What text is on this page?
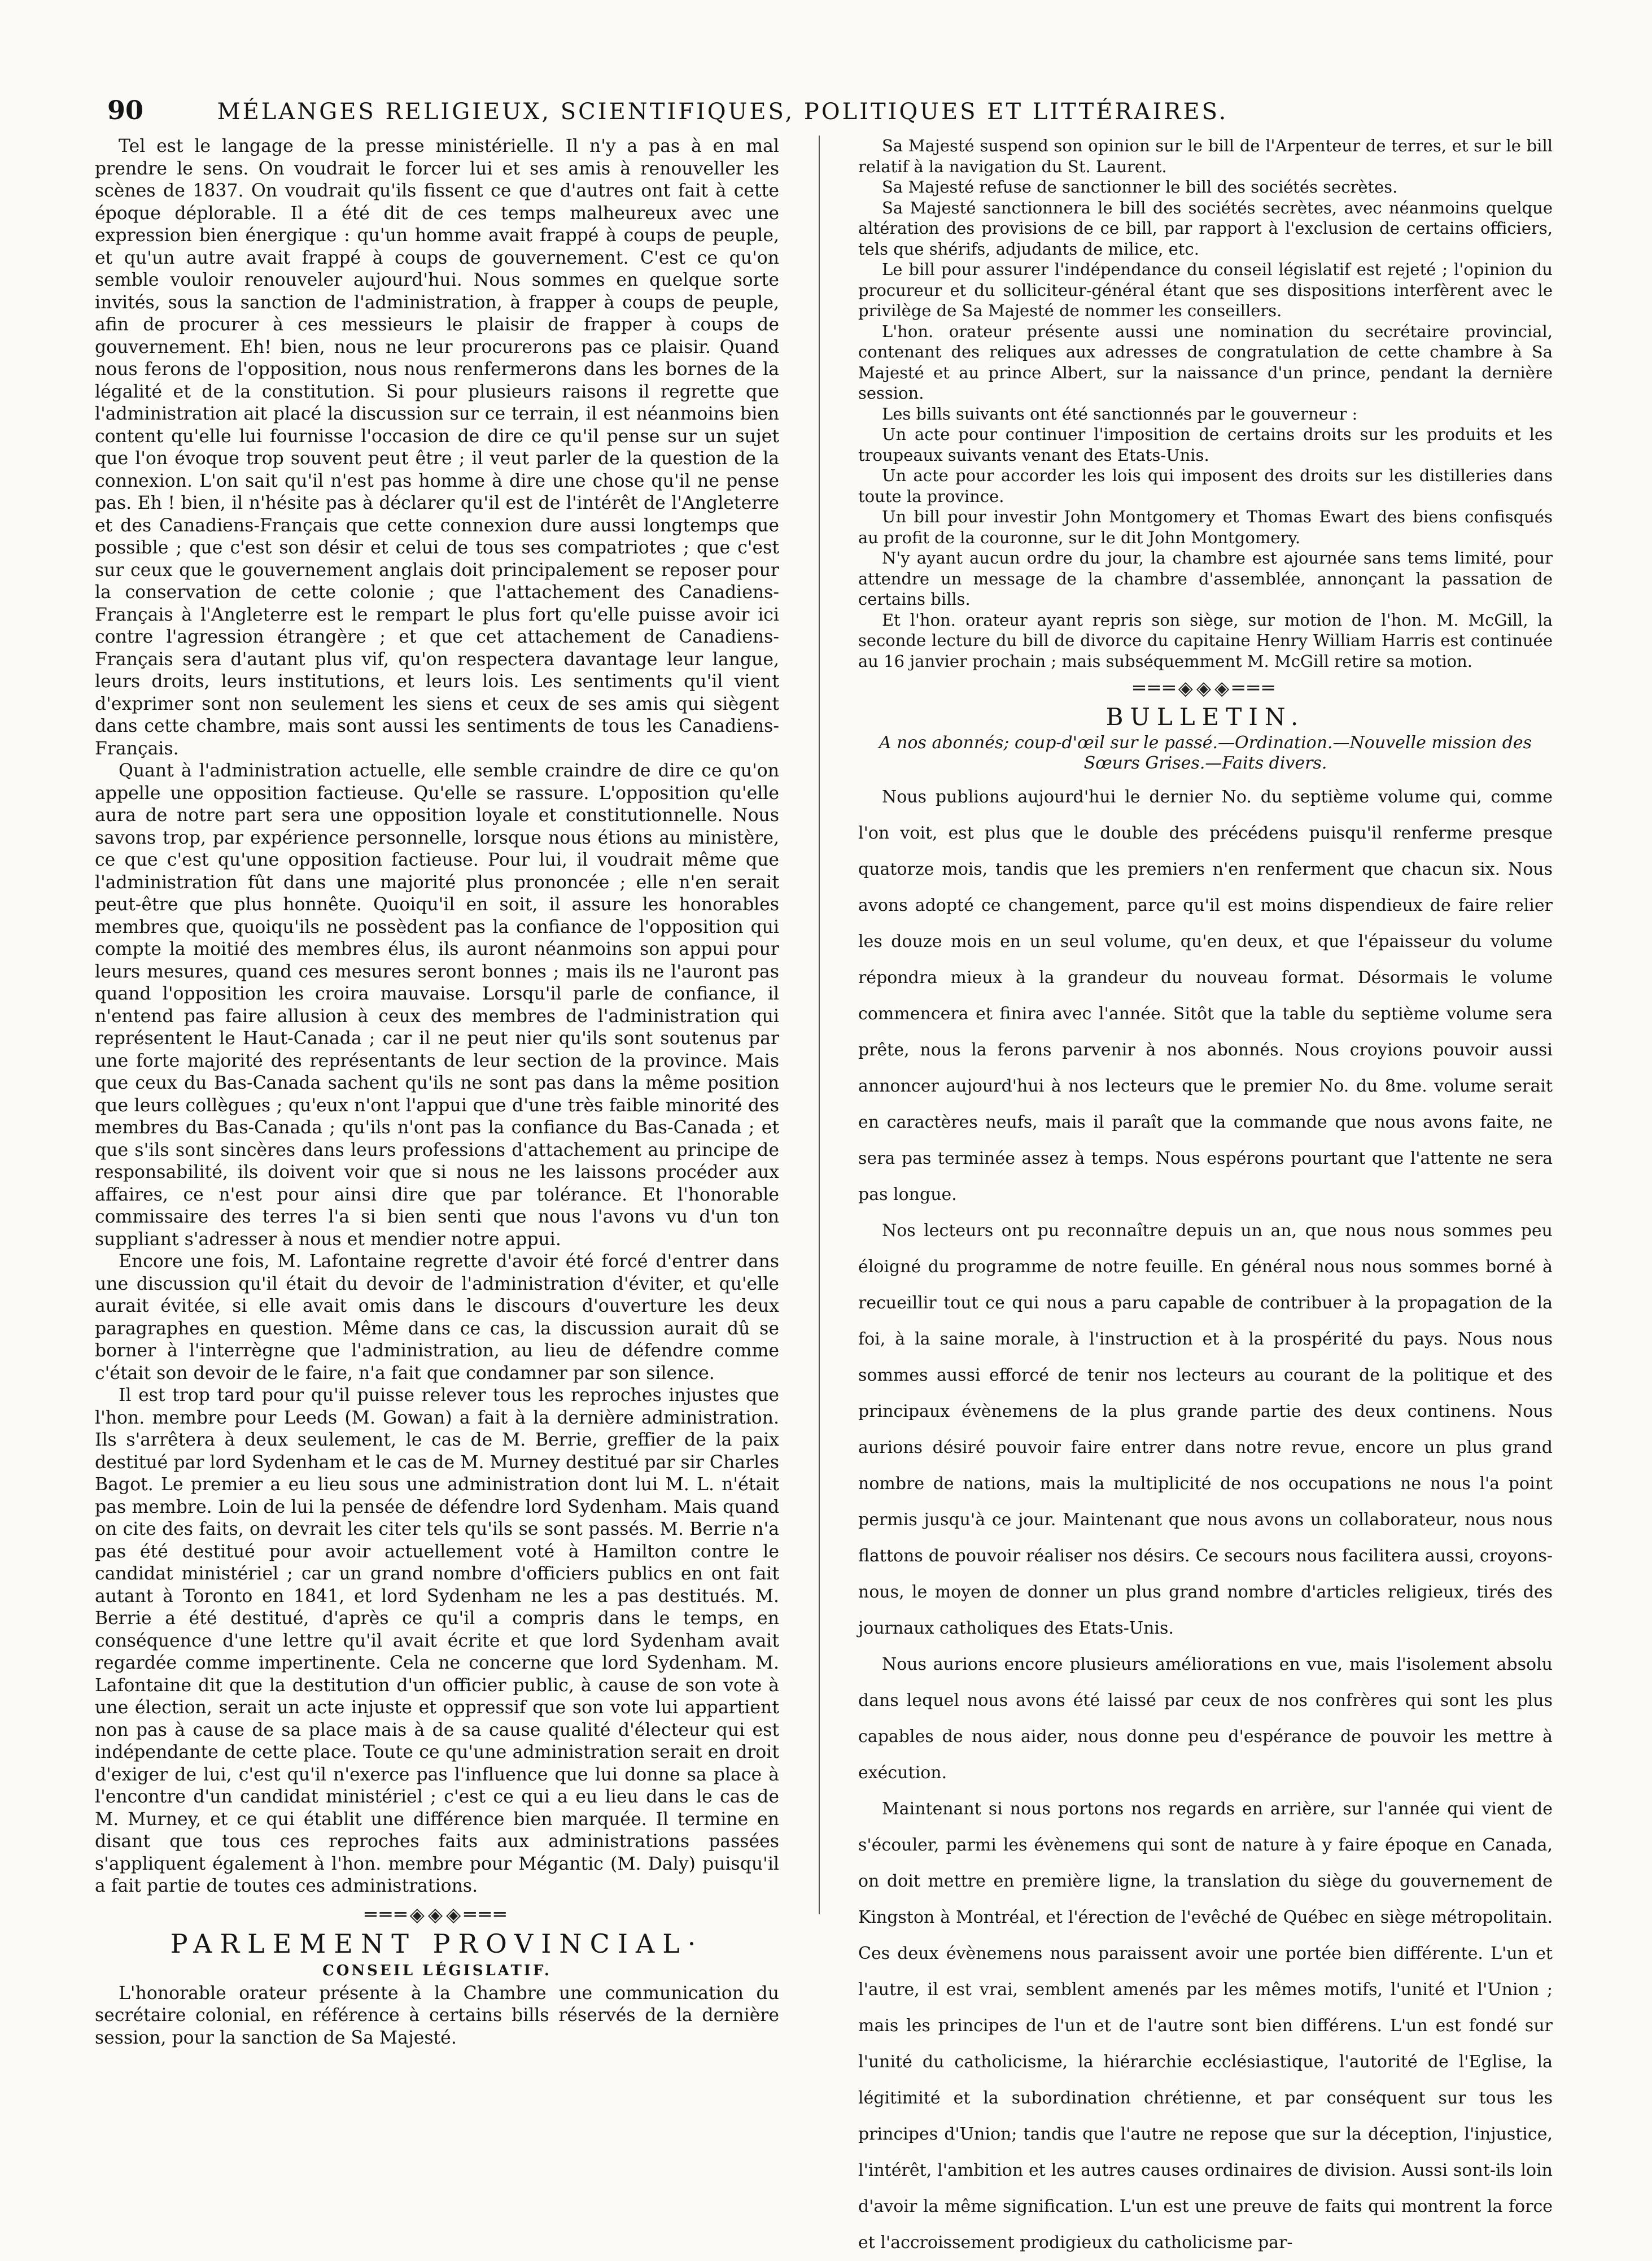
90	MÉLANGES RELIGIEUX, SCIENTIFIQUES, POLITIQUES ET LITTÉRAIRES.

Tel est le langage de la presse ministérielle. Il n'y a pas à en mal prendre le sens. On voudrait le forcer lui et ses amis à renouveller les scènes de 1837. On voudrait qu'ils fissent ce que d'autres ont fait à cette époque déplorable. Il a été dit de ces temps malheureux avec une expression bien énergique : qu'un homme avait frappé à coups de peuple, et qu'un autre avait frappé à coups de gouvernement. C'est ce qu'on semble vouloir renouveler aujourd'hui. Nous sommes en quelque sorte invités, sous la sanction de l'administration, à frapper à coups de peuple, afin de procurer à ces messieurs le plaisir de frapper à coups de gouvernement. Eh! bien, nous ne leur procurerons pas ce plaisir. Quand nous ferons de l'opposition, nous nous renfermerons dans les bornes de la légalité et de la constitution. Si pour plusieurs raisons il regrette que l'administration ait placé la discussion sur ce terrain, il est néanmoins bien content qu'elle lui fournisse l'occasion de dire ce qu'il pense sur un sujet que l'on évoque trop souvent peut être ; il veut parler de la question de la connexion. L'on sait qu'il n'est pas homme à dire une chose qu'il ne pense pas. Eh ! bien, il n'hésite pas à déclarer qu'il est de l'intérêt de l'Angleterre et des Canadiens-Français que cette connexion dure aussi longtemps que possible ; que c'est son désir et celui de tous ses compatriotes ; que c'est sur ceux que le gouvernement anglais doit principalement se reposer pour la conservation de cette colonie ; que l'attachement des Canadiens-Français à l'Angleterre est le rempart le plus fort qu'elle puisse avoir ici contre l'agression étrangère ; et que cet attachement de Canadiens-Français sera d'autant plus vif, qu'on respectera davantage leur langue, leurs droits, leurs institutions, et leurs lois. Les sentiments qu'il vient d'exprimer sont non seulement les siens et ceux de ses amis qui siègent dans cette chambre, mais sont aussi les sentiments de tous les Canadiens-Français.

Quant à l'administration actuelle, elle semble craindre de dire ce qu'on appelle une opposition factieuse. Qu'elle se rassure. L'opposition qu'elle aura de notre part sera une opposition loyale et constitutionnelle. Nous savons trop, par expérience personnelle, lorsque nous étions au ministère, ce que c'est qu'une opposition factieuse. Pour lui, il voudrait même que l'administration fût dans une majorité plus prononcée ; elle n'en serait peut-être que plus honnête. Quoiqu'il en soit, il assure les honorables membres que, quoiqu'ils ne possèdent pas la confiance de l'opposition qui compte la moitié des membres élus, ils auront néanmoins son appui pour leurs mesures, quand ces mesures seront bonnes ; mais ils ne l'auront pas quand l'opposition les croira mauvaise. Lorsqu'il parle de confiance, il n'entend pas faire allusion à ceux des membres de l'administration qui représentent le Haut-Canada ; car il ne peut nier qu'ils sont soutenus par une forte majorité des représentants de leur section de la province. Mais que ceux du Bas-Canada sachent qu'ils ne sont pas dans la même position que leurs collègues ; qu'eux n'ont l'appui que d'une très faible minorité des membres du Bas-Canada ; qu'ils n'ont pas la confiance du Bas-Canada ; et que s'ils sont sincères dans leurs professions d'attachement au principe de responsabilité, ils doivent voir que si nous ne les laissons procéder aux affaires, ce n'est pour ainsi dire que par tolérance. Et l'honorable commissaire des terres l'a si bien senti que nous l'avons vu d'un ton suppliant s'adresser à nous et mendier notre appui.

Encore une fois, M. Lafontaine regrette d'avoir été forcé d'entrer dans une discussion qu'il était du devoir de l'administration d'éviter, et qu'elle aurait évitée, si elle avait omis dans le discours d'ouverture les deux paragraphes en question. Même dans ce cas, la discussion aurait dû se borner à l'interrègne que l'administration, au lieu de défendre comme c'était son devoir de le faire, n'a fait que condamner par son silence.

Il est trop tard pour qu'il puisse relever tous les reproches injustes que l'hon. membre pour Leeds (M. Gowan) a fait à la dernière administration. Ils s'arrêtera à deux seulement, le cas de M. Berrie, greffier de la paix destitué par lord Sydenham et le cas de M. Murney destitué par sir Charles Bagot. Le premier a eu lieu sous une administration dont lui M. L. n'était pas membre. Loin de lui la pensée de défendre lord Sydenham. Mais quand on cite des faits, on devrait les citer tels qu'ils se sont passés. M. Berrie n'a pas été destitué pour avoir actuellement voté à Hamilton contre le candidat ministériel ; car un grand nombre d'officiers publics en ont fait autant à Toronto en 1841, et lord Sydenham ne les a pas destitués. M. Berrie a été destitué, d'après ce qu'il a compris dans le temps, en conséquence d'une lettre qu'il avait écrite et que lord Sydenham avait regardée comme impertinente. Cela ne concerne que lord Sydenham. M. Lafontaine dit que la destitution d'un officier public, à cause de son vote à une élection, serait un acte injuste et oppressif que son vote lui appartient non pas à cause de sa place mais à de sa cause qualité d'électeur qui est indépendante de cette place. Toute ce qu'une administration serait en droit d'exiger de lui, c'est qu'il n'exerce pas l'influence que lui donne sa place à l'encontre d'un candidat ministériel ; c'est ce qui a eu lieu dans le cas de M. Murney, et ce qui établit une différence bien marquée. Il termine en disant que tous ces reproches faits aux administrations passées s'appliquent également à l'hon. membre pour Mégantic (M. Daly) puisqu'il a fait partie de toutes ces administrations.

═══◈◈◈═══
PARLEMENT PROVINCIAL·
CONSEIL LÉGISLATIF.

L'honorable orateur présente à la Chambre une communication du secrétaire colonial, en référence à certains bills réservés de la dernière session, pour la sanction de Sa Majesté.

Sa Majesté suspend son opinion sur le bill de l'Arpenteur de terres, et sur le bill relatif à la navigation du St. Laurent.

Sa Majesté refuse de sanctionner le bill des sociétés secrètes.

Sa Majesté sanctionnera le bill des sociétés secrètes, avec néanmoins quelque altération des provisions de ce bill, par rapport à l'exclusion de certains officiers, tels que shérifs, adjudants de milice, etc.

Le bill pour assurer l'indépendance du conseil législatif est rejeté ; l'opinion du procureur et du solliciteur-général étant que ses dispositions interfèrent avec le privilège de Sa Majesté de nommer les conseillers.

L'hon. orateur présente aussi une nomination du secrétaire provincial, contenant des reliques aux adresses de congratulation de cette chambre à Sa Majesté et au prince Albert, sur la naissance d'un prince, pendant la dernière session.

Les bills suivants ont été sanctionnés par le gouverneur :

Un acte pour continuer l'imposition de certains droits sur les produits et les troupeaux suivants venant des Etats-Unis.

Un acte pour accorder les lois qui imposent des droits sur les distilleries dans toute la province.

Un bill pour investir John Montgomery et Thomas Ewart des biens confisqués au profit de la couronne, sur le dit John Montgomery.

N'y ayant aucun ordre du jour, la chambre est ajournée sans tems limité, pour attendre un message de la chambre d'assemblée, annonçant la passation de certains bills.

Et l'hon. orateur ayant repris son siège, sur motion de l'hon. M. McGill, la seconde lecture du bill de divorce du capitaine Henry William Harris est continuée au 16 janvier prochain ; mais subséquemment M. McGill retire sa motion.

═══◈◈◈═══
BULLETIN.
A nos abonnés; coup-d'œil sur le passé.—Ordination.—Nouvelle mission des Sœurs Grises.—Faits divers.

Nous publions aujourd'hui le dernier No. du septième volume qui, comme l'on voit, est plus que le double des précédens puisqu'il renferme presque quatorze mois, tandis que les premiers n'en renferment que chacun six. Nous avons adopté ce changement, parce qu'il est moins dispendieux de faire relier les douze mois en un seul volume, qu'en deux, et que l'épaisseur du volume répondra mieux à la grandeur du nouveau format. Désormais le volume commencera et finira avec l'année. Sitôt que la table du septième volume sera prête, nous la ferons parvenir à nos abonnés. Nous croyions pouvoir aussi annoncer aujourd'hui à nos lecteurs que le premier No. du 8me. volume serait en caractères neufs, mais il paraît que la commande que nous avons faite, ne sera pas terminée assez à temps. Nous espérons pourtant que l'attente ne sera pas longue.

Nos lecteurs ont pu reconnaître depuis un an, que nous nous sommes peu éloigné du programme de notre feuille. En général nous nous sommes borné à recueillir tout ce qui nous a paru capable de contribuer à la propagation de la foi, à la saine morale, à l'instruction et à la prospérité du pays. Nous nous sommes aussi efforcé de tenir nos lecteurs au courant de la politique et des principaux évènemens de la plus grande partie des deux continens. Nous aurions désiré pouvoir faire entrer dans notre revue, encore un plus grand nombre de nations, mais la multiplicité de nos occupations ne nous l'a point permis jusqu'à ce jour. Maintenant que nous avons un collaborateur, nous nous flattons de pouvoir réaliser nos désirs. Ce secours nous facilitera aussi, croyons-nous, le moyen de donner un plus grand nombre d'articles religieux, tirés des journaux catholiques des Etats-Unis.

Nous aurions encore plusieurs améliorations en vue, mais l'isolement absolu dans lequel nous avons été laissé par ceux de nos confrères qui sont les plus capables de nous aider, nous donne peu d'espérance de pouvoir les mettre à exécution.

Maintenant si nous portons nos regards en arrière, sur l'année qui vient de s'écouler, parmi les évènemens qui sont de nature à y faire époque en Canada, on doit mettre en première ligne, la translation du siège du gouvernement de Kingston à Montréal, et l'érection de l'evêché de Québec en siège métropolitain. Ces deux évènemens nous paraissent avoir une portée bien différente. L'un et l'autre, il est vrai, semblent amenés par les mêmes motifs, l'unité et l'Union ; mais les principes de l'un et de l'autre sont bien différens. L'un est fondé sur l'unité du catholicisme, la hiérarchie ecclésiastique, l'autorité de l'Eglise, la légitimité et la subordination chrétienne, et par conséquent sur tous les principes d'Union; tandis que l'autre ne repose que sur la déception, l'injustice, l'intérêt, l'ambition et les autres causes ordinaires de division. Aussi sont-ils loin d'avoir la même signification. L'un est une preuve de faits qui montrent la force et l'accroissement prodigieux du catholicisme par-
